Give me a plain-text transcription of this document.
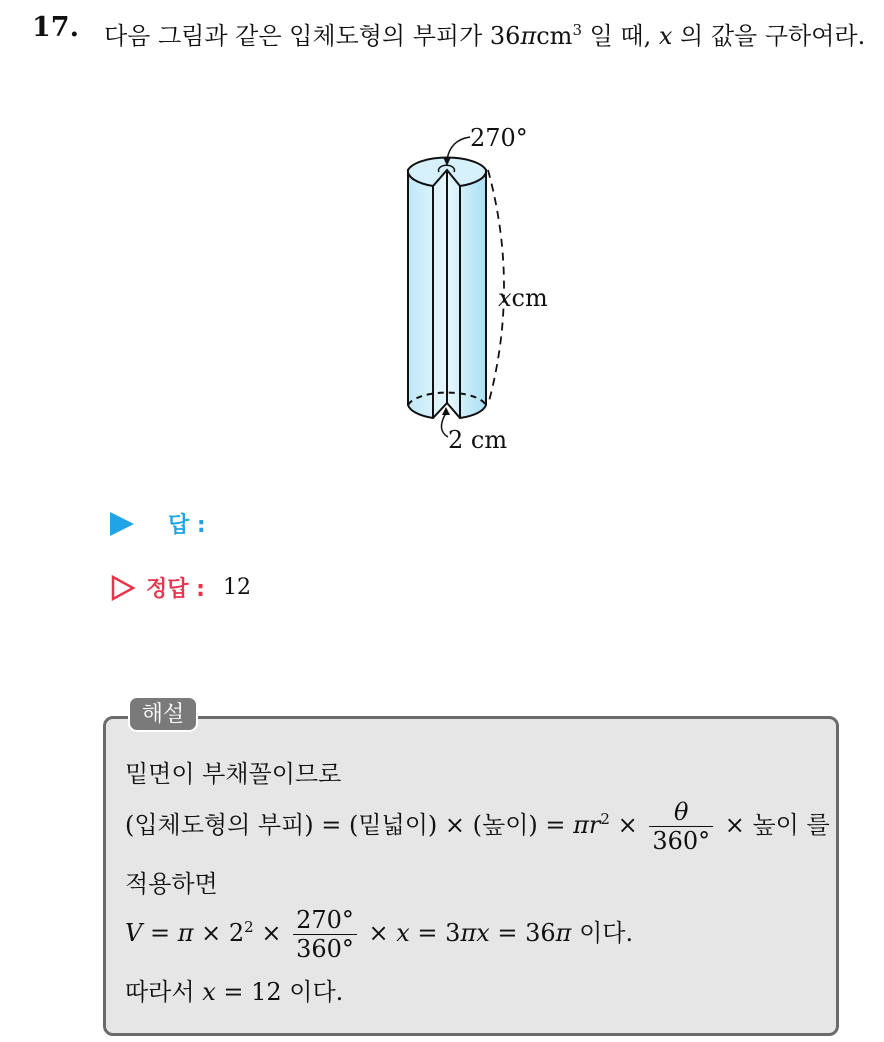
17. 다음 그림과 같은 입체도형의 부피가 36πcm$^3$ 일 때, x 의 값을 구하여라.
270°
xcm
2 cm
답 :
정답 : 12
해설
밑면이 부채꼴이므로
(입체도형의 부피) = (밑넓이) × (높이) = $\pi r^2 \times \frac{\theta}{360^\circ}$ × 높이 를
적용하면
$V = \pi \times 2^2 \times \frac{270^\circ}{360^\circ} \times x = 3\pi x = 36\pi$ 이다.
따라서 x = 12 이다.
